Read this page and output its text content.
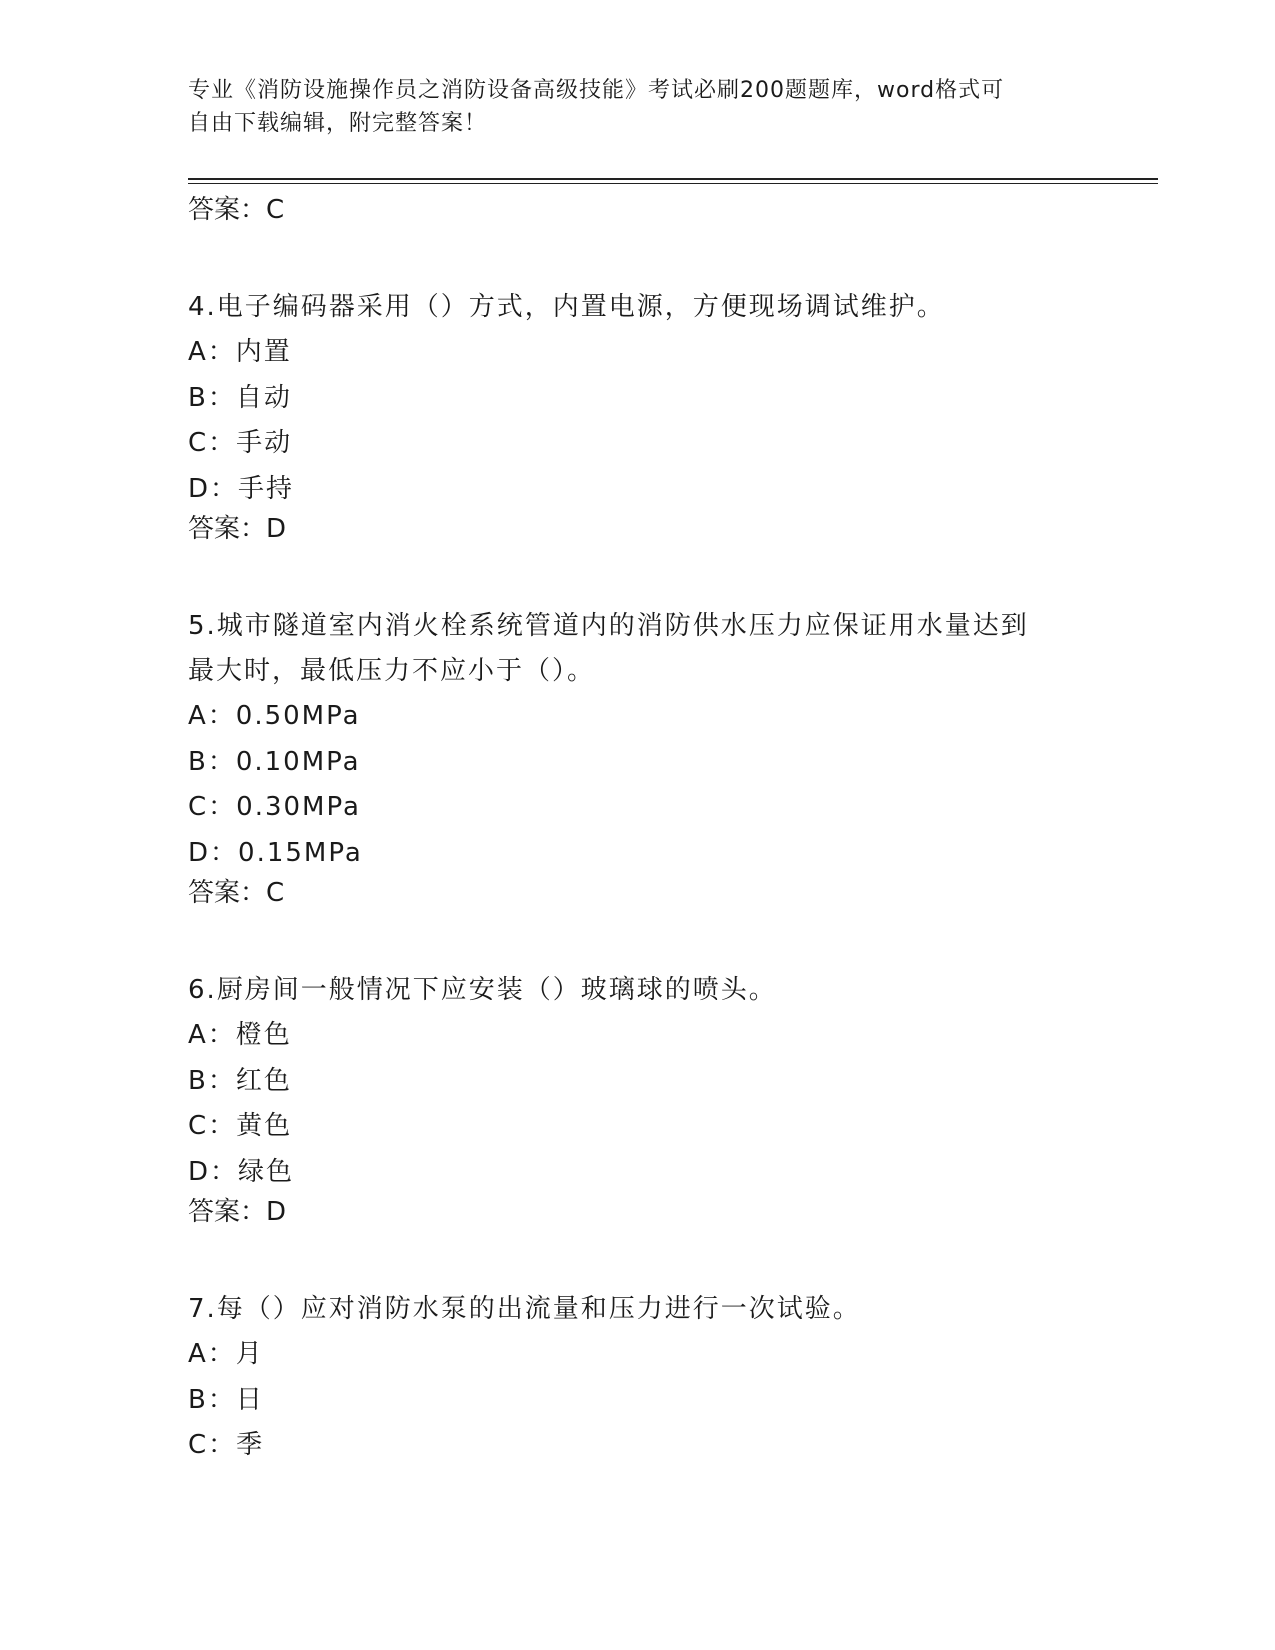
专业《消防设施操作员之消防设备高级技能》考试必刷200题题库，word格式可
自由下载编辑，附完整答案！

答案：C

4.电子编码器采用（）方式，内置电源，方便现场调试维护。

A：内置

B：自动

C：手动

D：手持

答案：D

5.城市隧道室内消火栓系统管道内的消防供水压力应保证用水量达到

最大时，最低压力不应小于（）。

A：0.50MPa

B：0.10MPa

C：0.30MPa

D：0.15MPa

答案：C

6.厨房间一般情况下应安装（）玻璃球的喷头。

A：橙色

B：红色

C：黄色

D：绿色

答案：D

7.每（）应对消防水泵的出流量和压力进行一次试验。

A：月

B：日

C：季
